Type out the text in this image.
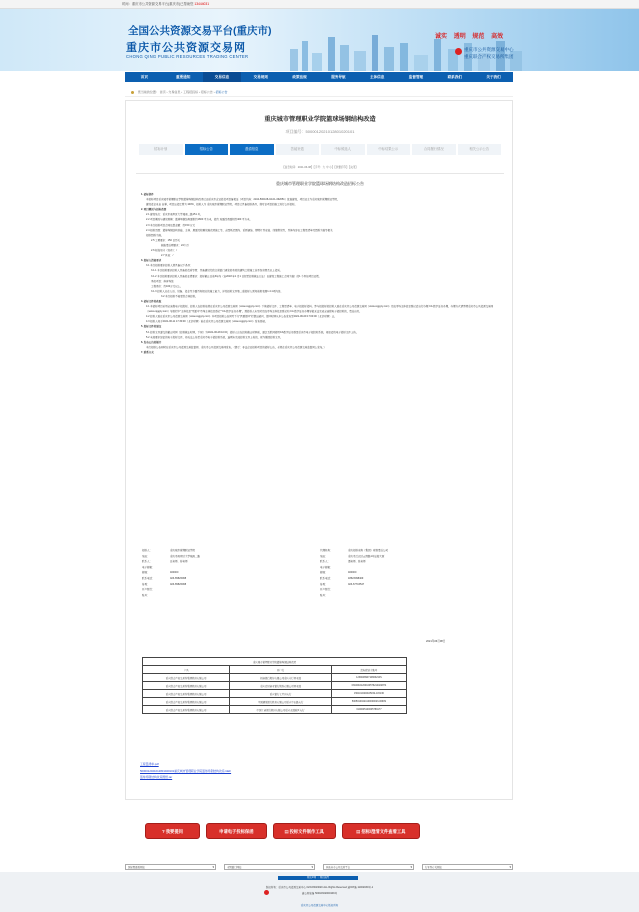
时间：重庆市公共资源交易平台(重庆市)已帮助您 13444031
全国公共资源交易平台(重庆市)
重庆市公共资源交易网
CHONG QING PUBLIC RESOURCES TRADING CENTER
诚实 透明 规范 高效
重庆市公共资源交易中心
重庆联合产权交易所集团
首页	重要通知	交易信息	交易规则	政策法规	服务导航	主体信息	监督管理	联系我们	关于我们
您当前的位置： 首页 › 交易信息 › 工程招投标 › 招标公告 › 招标公告
重庆城市管理职业学院篮球场钢结构改造
项目编号：5000012021012801020101
招标计划	招标公告	澄清信息	答疑补遗	中标候选人	中标结果公示	合同履行情况	相关公示公告
【信息时间：2021-06-08】【字号：大 中 小】【我要打印】【关闭】
重庆城市管理职业学院篮球场钢结构改造招标公告

1. 招标条件

本招标项目重庆城市管理职业学院篮球场钢结构改造已由重庆市企业投资项目备案证（项目代码：2104-500108-04-01-362051）批准建设，项目业主为重庆城市管理职业学院，

建设资金来自 自筹，项目出资比例为 100%，招标人为 重庆城市管理职业学院。项目已具备招标条件，现对该项目的施工进行公开招标。

2. 项目概况与招标范围

2.1 建设地点：重庆市南岸区大学城南二路151 号。

2.2 项目概况与建设规模：篮球场钢结构面积约1800 平方米，投约 地面改造面积约400 平方米。

2.3 本次招标项目合同估算金额：约150 万元

2.4 招标范围：篮球场钢结构基础、主体、屋面及附属设施改造施工等，含图纸范围内、重新铺装、照明灯具安装、线缆敷设等，具体内容以工程量清单及图纸为准等相关

招标图纸为准。

2.5 工期要求：150 日历天

缺陷责任期要求：24个月

2.6 标段划分（如有）：/

2.7 其他：/

3. 投标人资格要求

3.1 本次招标要求投标人须具备以下条件：

3.1.1 本次招标要求投标人具备的资质等级：具备建设行政主管部门颁发的有效的建筑工程施工总承包叁级及以上资质。

3.1.2 本次招标要求投标人具备的业绩要求：投标截止日前3年内（自2018 年1 月1 日起至投标截止日止）以建设工程施工合同为准）的1 个类似项目业绩。

类似项目：体育场馆

工程造价：约100万元以上。

3.1.3 投标人应在人员、设备、资金等方面具有相应的施工能力，详见招标文件第二章投标人须知前附表第1.4.1项内容。

3.2 本次招标不接受联合体投标。

4. 招标文件的获取

4.1 本招标项目采用全流程电子招投标，投标人在投标前须在重庆市公共资源交易网（www.cqggzy.com）下载招标文件、工程量清单、电子招投标资料。参与招投标的投标人需在重庆市公共资源交易网（www.cqggzy.com）完成市场主体信息登记后自行办理 CA 数字证书办理，办理方式请参照重庆市公共资源交易网（www.cqggzy.com）导航栏中"主体信息"页面中"市场主体信息登记""CA 数字证书办理"。那投标人未及时完成市场主体信息登记和 CA 数字证书办理导致无法完成全流程电子招投标的，责任自负。

4.2 投标人需在重庆市公共资源交易网（www.cqggzy.com）本项目招标公告网页下方"我要提问"栏提出疑问，提问时间从本公告发布至2021-06-09 17:00:00（北京时间）止。

4.3 招标人将于2021-06-11 17:30:00（北京时间）前在重庆市公共资源交易网（www.cqggzy.com）发布答疑。

5. 投标文件的递交

5.1 投标文件递交的截止时间（投标截止时间，下同）为2021-06-28 10:00，投标人应在投标截止时间前，通过互联网使用CA数字证书登录重庆市电子招投标系统，将加密的电子投标文件上传。

5.2 未按要求加密的电子投标文件，将无法上传至重庆市电子招投标系统，逾期未完成投标文件上传的，视为撤回投标文件。

6. 发布公告的媒介

本次招标公告同时在重庆市公共资源交易监督网、重庆市公共资源交易网发布。（提示：非法企业招标项目的招标公告，必须在重庆市公共资源交易监督网上发布。）

7. 联系方式

招标人：	重庆城市管理职业学院	代理机构：	重庆招标采购（集团）有限责任公司
地址：	重庆市南岸区大学城南二路	地址：	重庆市江北区五简路1号诺海大厦
联系人：	汪老师、彭老师	联系人：	谭老师、张老师
电子邮箱：	电子邮箱：
邮编：	400000	邮编：	400000
联系电话：	023-65826068	联系电话：	18523098409
传真：	023-65826068	传真：	023-67703547
开户银行：	开户银行：
账号：	账号：
2021年06月08日
重庆城市管理职业学院篮球场钢结构改造		
户名	开户行	投标保证金账号
重庆联合产权交易所集团股份有限公司	招商银行股份有限公司重庆分行营业部	123904890710806210S
重庆联合产权交易所集团股份有限公司	重庆农村商业银行股份有限公司营业部	03040101200100576214022874
重庆联合产权交易所集团股份有限公司	重庆银行七星岗支行	1501010400105152-115136
重庆联合产权交易所集团股份有限公司	中国建设银行股份有限公司重庆中山路支行	50050100424100000023-00909
重庆联合产权交易所集团股份有限公司	中国工商银行股份有限公司重庆北部新区支行	3100005100005789177
工程量清单.pdf
5000012021012801020101重庆城市管理职业学院篮球场钢结构改造.GEF
篮球场钢结构改造图纸.rar
?我要提问	申请电子投标保函	▤投标文件制作工具	▤招标/澄清文件查看工具
国家级部委网站 ▾	市级部门网站 ▾	其他省市公共交易平台 ▾	行业性有关网站 ▾
网站声明 ｜ 网站地图
版权所有：重庆市公共资源交易中心 023-63613020 ALL Rights Reserved 渝ICP备 11002030号-1
渝公网安备 50010302000109号
重庆市公共资源交易中心版权所有
